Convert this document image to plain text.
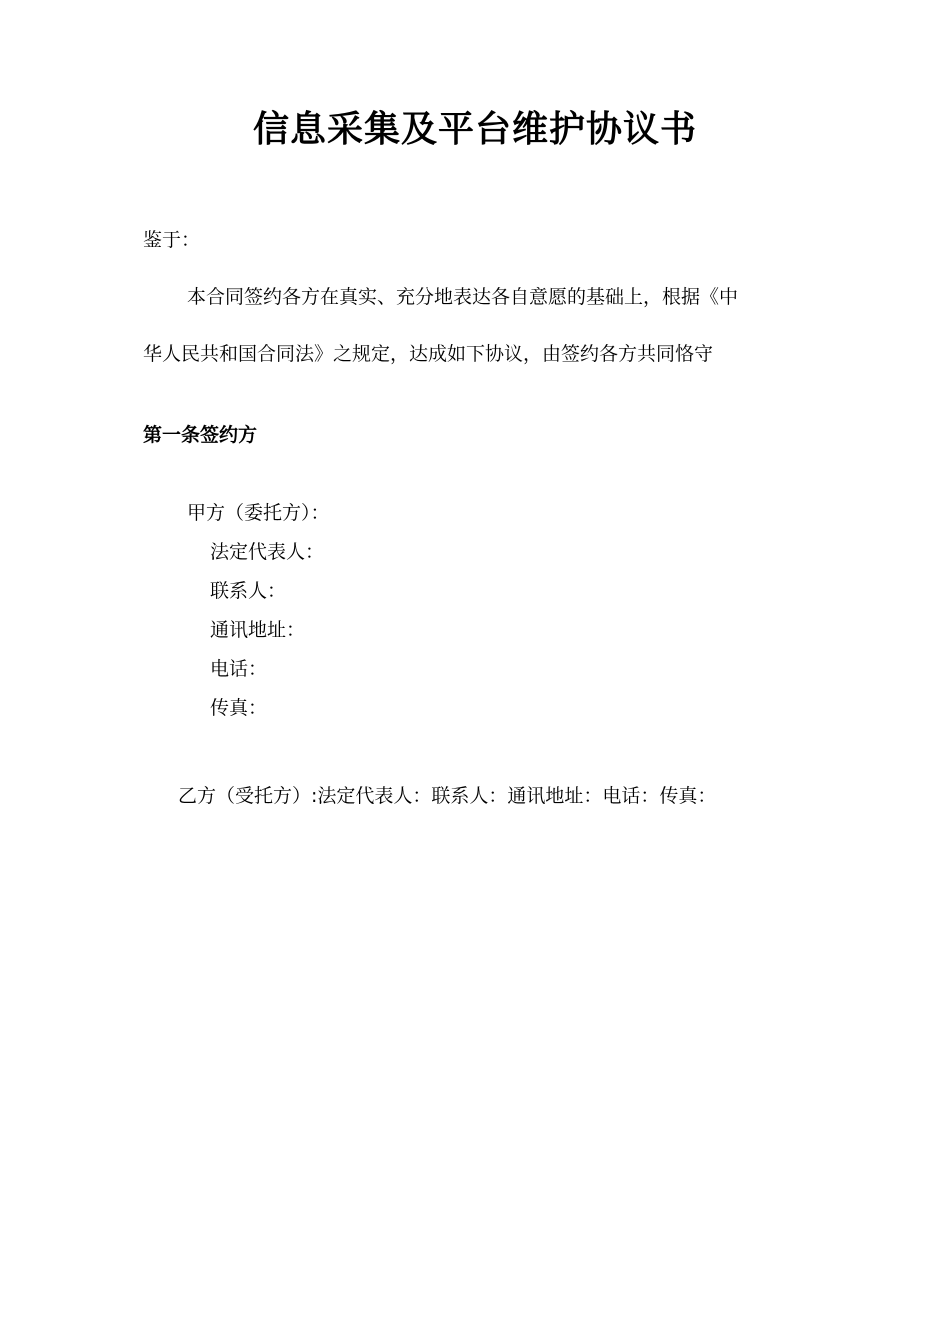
信息采集及平台维护协议书
鉴于：
本合同签约各方在真实、充分地表达各自意愿的基础上，根据《中
华人民共和国合同法》之规定，达成如下协议，由签约各方共同恪守
第一条签约方
甲方（委托方）：
法定代表人：
联系人：
通讯地址：
电话：
传真：
乙方（受托方）:法定代表人：联系人：通讯地址：电话：传真：
